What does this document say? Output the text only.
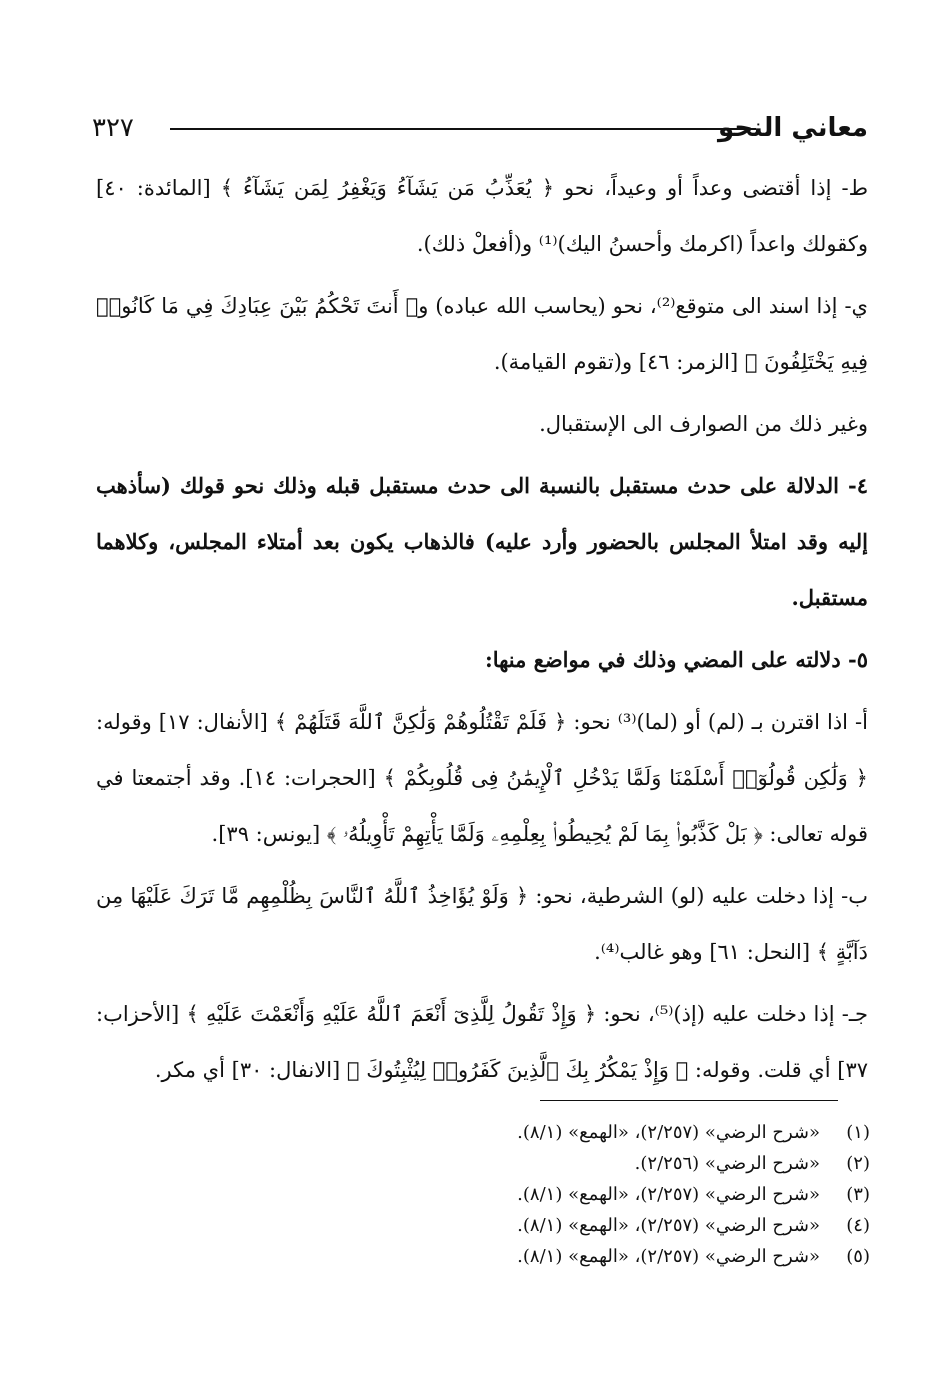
معاني النحو
٣٢٧

ط- إذا أقتضى وعداً أو وعيداً، نحو ﴿ يُعَذِّبُ مَن يَشَآءُ وَيَغْفِرُ لِمَن يَشَآءُ ﴾ [المائدة: ٤٠] وكقولك واعداً (اكرمك وأحسنُ اليك)⁽¹⁾ و(أفعلْ ذلك).

ي- إذا اسند الى متوقع⁽²⁾، نحو (يحاسب الله عباده) و﴿ أَنتَ تَحْكُمُ بَيْنَ عِبَادِكَ فِي مَا كَانُوا۟ فِيهِ يَخْتَلِفُونَ ﴾ [الزمر: ٤٦] و(تقوم القيامة).

وغير ذلك من الصوارف الى الإستقبال.

٤- الدلالة على حدث مستقبل بالنسبة الى حدث مستقبل قبله وذلك نحو قولك (سأذهب إليه وقد امتلأ المجلس بالحضور وأرد عليه) فالذهاب يكون بعد أمتلاء المجلس، وكلاهما مستقبل.

٥- دلالته على المضي وذلك في مواضع منها:

أ- اذا اقترن بـ (لم) أو (لما)⁽³⁾ نحو: ﴿ فَلَمْ تَقْتُلُوهُمْ وَلَٰكِنَّ ٱللَّهَ قَتَلَهُمْ ﴾ [الأنفال: ١٧] وقوله: ﴿ وَلَٰكِن قُولُوٓا۟ أَسْلَمْنَا وَلَمَّا يَدْخُلِ ٱلْإِيمَٰنُ فِى قُلُوبِكُمْ ﴾ [الحجرات: ١٤]. وقد أجتمعتا في قوله تعالى: ﴿ بَلْ كَذَّبُوا۟ بِمَا لَمْ يُحِيطُوا۟ بِعِلْمِهِۦ وَلَمَّا يَأْتِهِمْ تَأْوِيلُهُۥ ﴾ [يونس: ٣٩].

ب- إذا دخلت عليه (لو) الشرطية، نحو: ﴿ وَلَوْ يُؤَاخِذُ ٱللَّهُ ٱلنَّاسَ بِظُلْمِهِم مَّا تَرَكَ عَلَيْهَا مِن دَآبَّةٍ ﴾ [النحل: ٦١] وهو غالب⁽⁴⁾.

جـ- إذا دخلت عليه (إذ)⁽⁵⁾، نحو: ﴿ وَإِذْ تَقُولُ لِلَّذِىٓ أَنْعَمَ ٱللَّهُ عَلَيْهِ وَأَنْعَمْتَ عَلَيْهِ ﴾ [الأحزاب: ٣٧] أي قلت. وقوله: ﴿ وَإِذْ يَمْكُرُ بِكَ ٱلَّذِينَ كَفَرُوا۟ لِيُثْبِتُوكَ ﴾ [الانفال: ٣٠] أي مكر.

(١)«شرح الرضي» (٢/٢٥٧)، «الهمع» (٨/١).
(٢)«شرح الرضي» (٢/٢٥٦).
(٣)«شرح الرضي» (٢/٢٥٧)، «الهمع» (٨/١).
(٤)«شرح الرضي» (٢/٢٥٧)، «الهمع» (٨/١).
(٥)«شرح الرضي» (٢/٢٥٧)، «الهمع» (٨/١).
